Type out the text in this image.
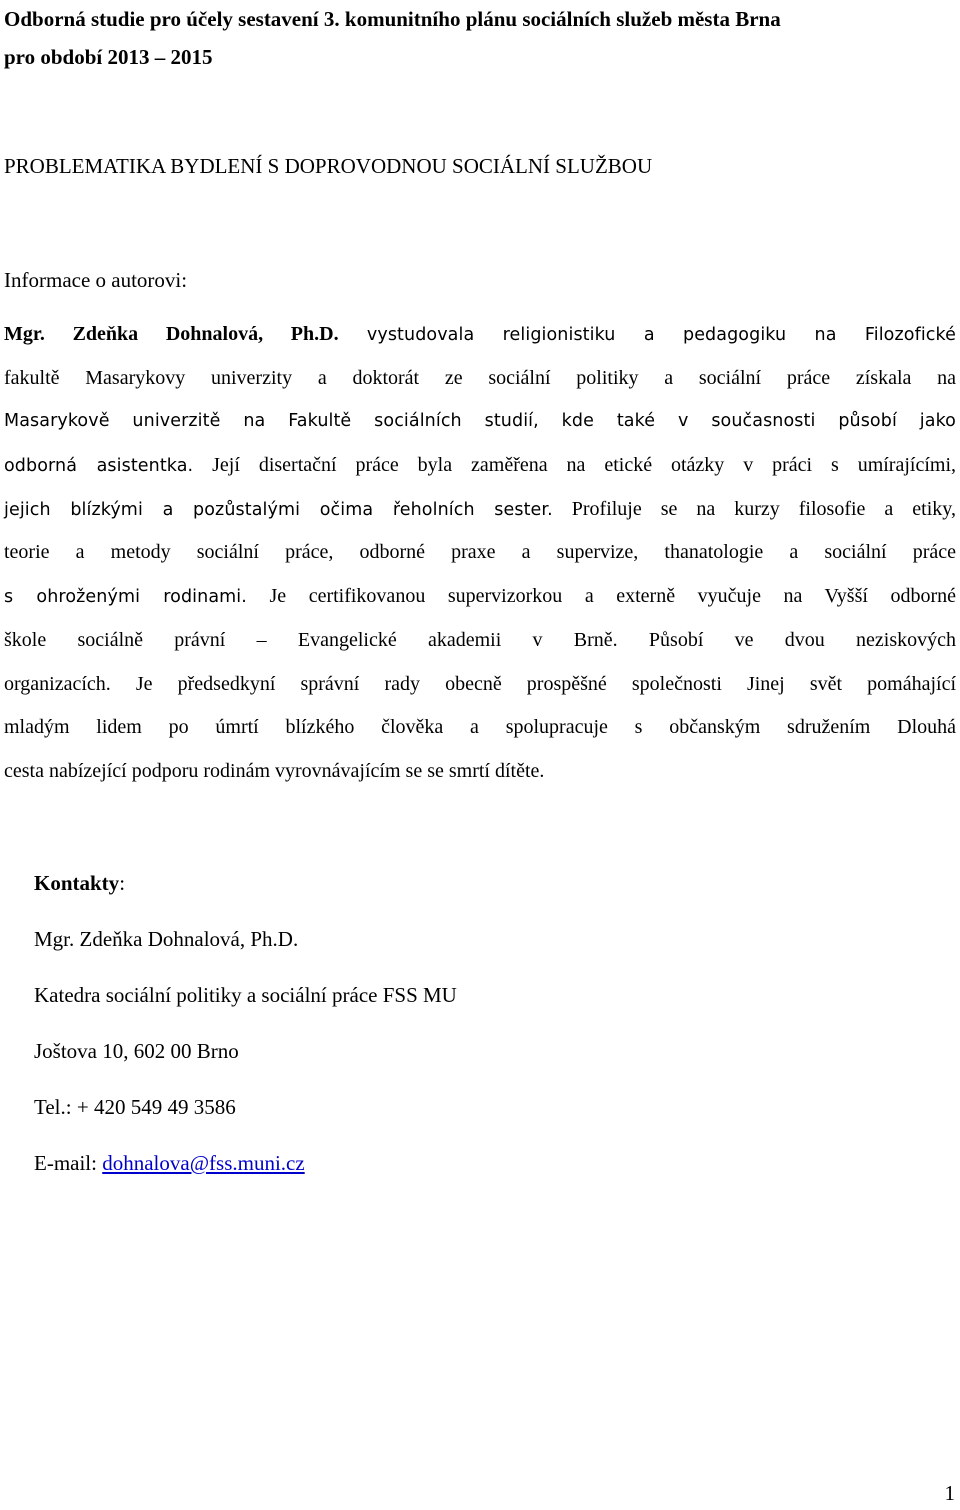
Odborná studie pro účely sestavení 3. komunitního plánu sociálních služeb města Brna
pro období 2013 – 2015
PROBLEMATIKA BYDLENÍ S DOPROVODNOU SOCIÁLNÍ SLUŽBOU
Informace o autorovi:
Mgr. Zdeňka Dohnalová, Ph.D. vystudovala religionistiku a pedagogiku na Filozofické
fakultě Masarykovy univerzity a doktorát ze sociální politiky a sociální práce získala na
Masarykově univerzitě na Fakultě sociálních studií, kde také v současnosti působí jako
odborná asistentka. Její disertační práce byla zaměřena na etické otázky v práci s umírajícími,
jejich blízkými a pozůstalými očima řeholních sester. Profiluje se na kurzy filosofie a etiky,
teorie a metody sociální práce, odborné praxe a supervize, thanatologie a sociální práce
s ohroženými rodinami. Je certifikovanou supervizorkou a externě vyučuje na Vyšší odborné
škole sociálně právní – Evangelické akademii v Brně. Působí ve dvou neziskových
organizacích. Je předsedkyní správní rady obecně prospěšné společnosti Jinej svět pomáhající
mladým lidem po úmrtí blízkého člověka a spolupracuje s občanským sdružením Dlouhá
cesta nabízející podporu rodinám vyrovnávajícím se se smrtí dítěte.
Kontakty:
Mgr. Zdeňka Dohnalová, Ph.D.
Katedra sociální politiky a sociální práce FSS MU
Joštova 10, 602 00 Brno
Tel.: + 420 549 49 3586
E-mail: dohnalova@fss.muni.cz
1
